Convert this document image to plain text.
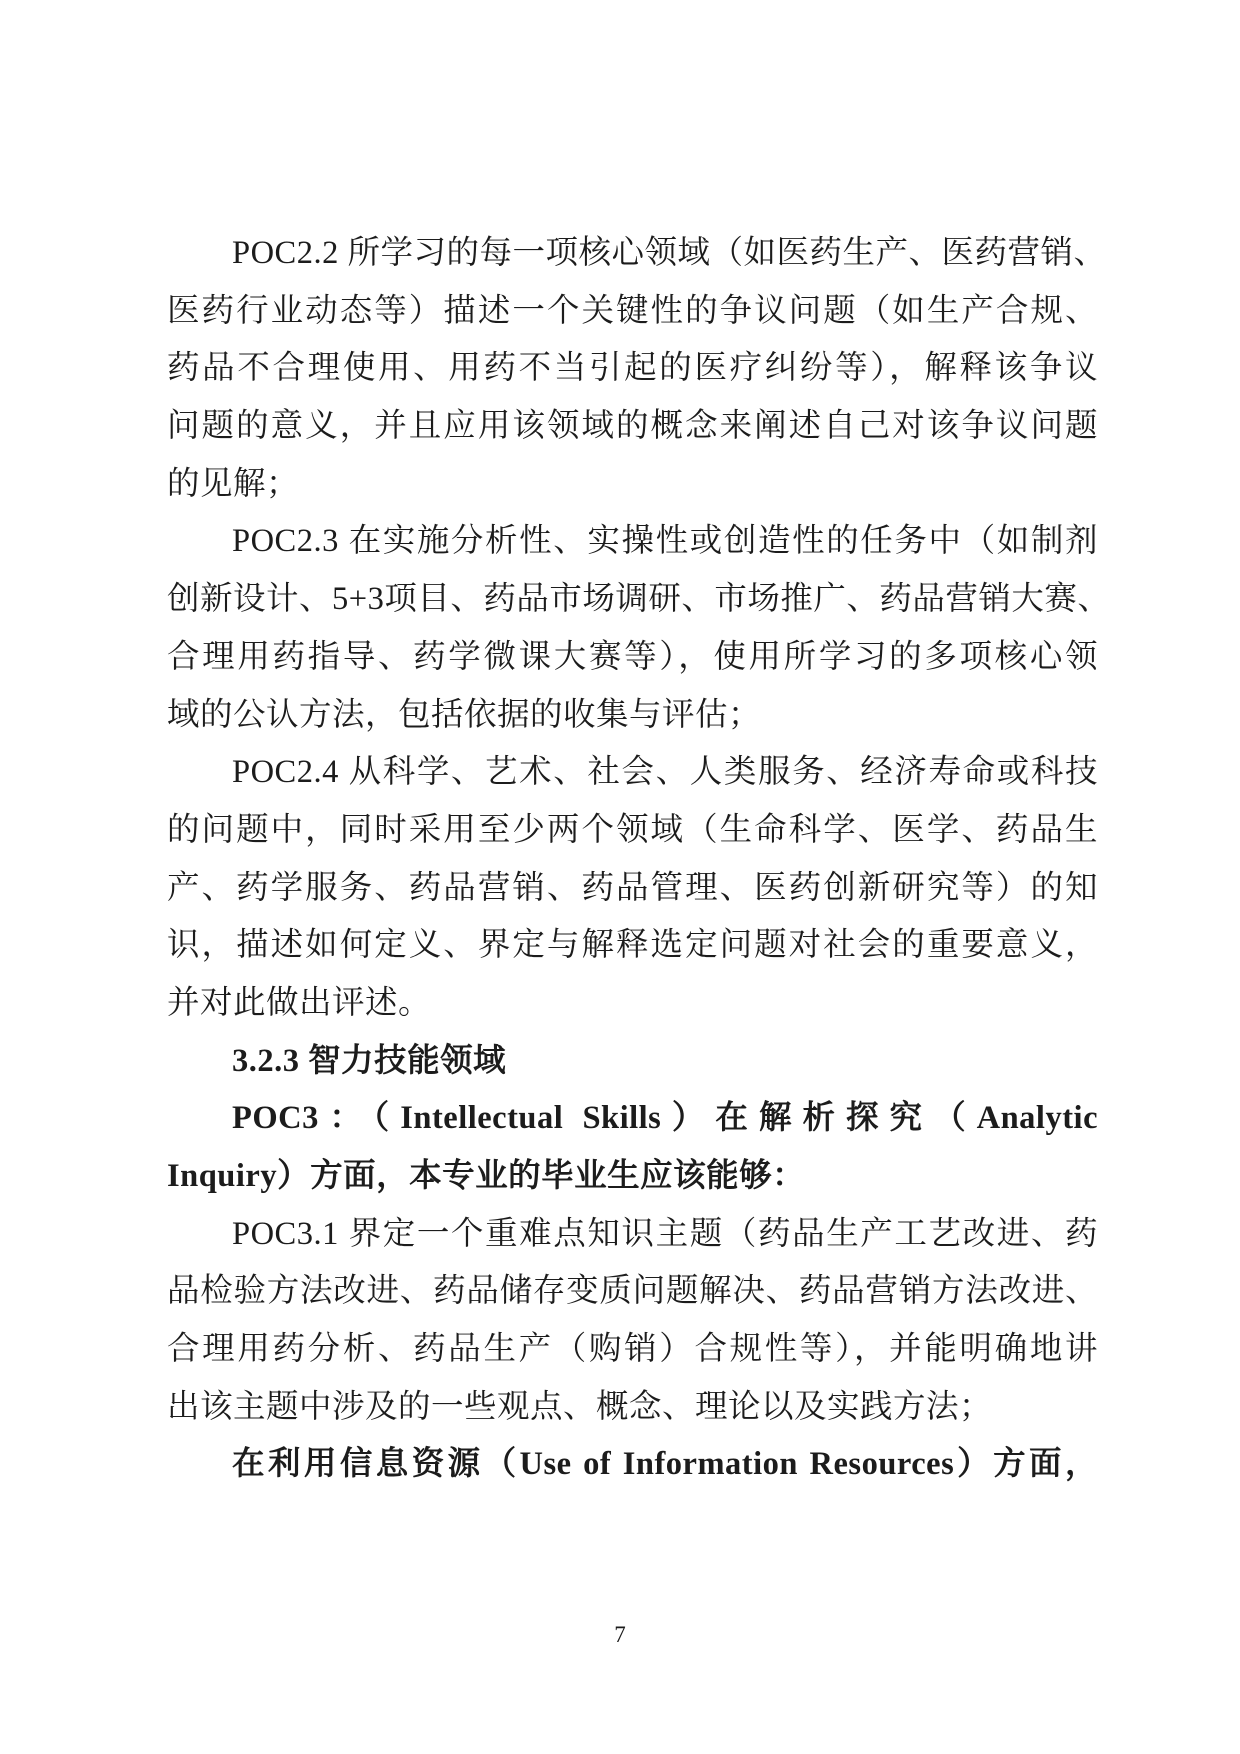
POC2.2 所学习的每一项核心领域（如医药生产、医药营销、
医药行业动态等）描述一个关键性的争议问题（如生产合规、
药品不合理使用、用药不当引起的医疗纠纷等），解释该争议
问题的意义，并且应用该领域的概念来阐述自己对该争议问题
的见解；
POC2.3 在实施分析性、实操性或创造性的任务中（如制剂
创新设计、5+3项目、药品市场调研、市场推广、药品营销大赛、
合理用药指导、药学微课大赛等），使用所学习的多项核心领
域的公认方法，包括依据的收集与评估；
POC2.4 从科学、艺术、社会、人类服务、经济寿命或科技
的问题中，同时采用至少两个领域（生命科学、医学、药品生
产、药学服务、药品营销、药品管理、医药创新研究等）的知
识，描述如何定义、界定与解释选定问题对社会的重要意义，
并对此做出评述。
3.2.3 智力技能领域
POC3：（Intellectual Skills）在解析探究（Analytic
Inquiry）方面，本专业的毕业生应该能够：
POC3.1 界定一个重难点知识主题（药品生产工艺改进、药
品检验方法改进、药品储存变质问题解决、药品营销方法改进、
合理用药分析、药品生产（购销）合规性等），并能明确地讲
出该主题中涉及的一些观点、概念、理论以及实践方法；
在利用信息资源（Use of Information Resources）方面，
7
